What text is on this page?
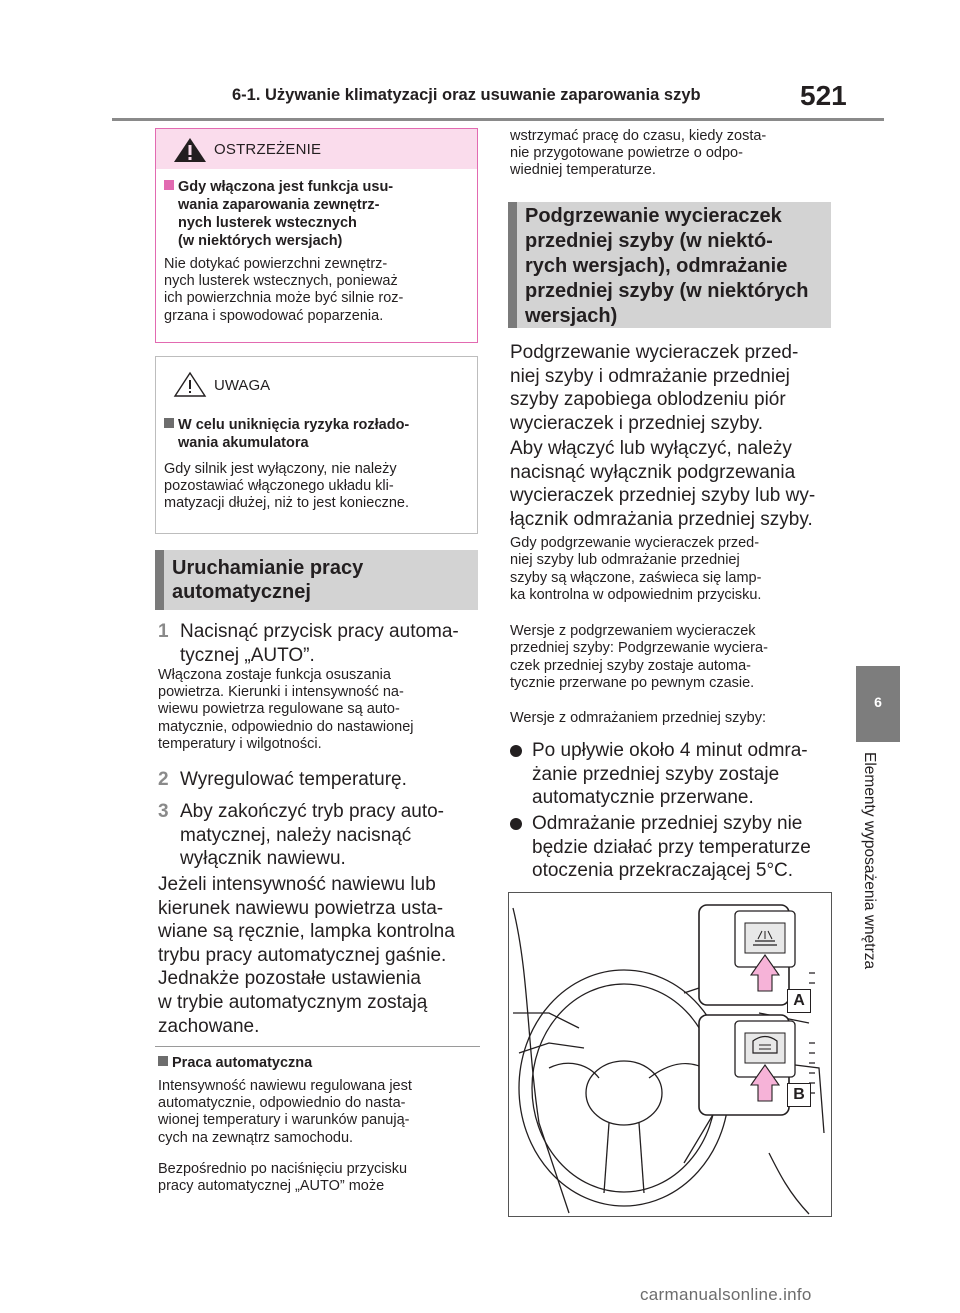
6-1. Używanie klimatyzacji oraz usuwanie zaparowania szyb	521
6
Elementy wyposażenia wnętrza
OSTRZEŻENIE
Gdy włączona jest funkcja usu-
wania zaparowania zewnętrz-
nych lusterek wstecznych
(w niektórych wersjach)
Nie dotykać powierzchni zewnętrz-
nych lusterek wstecznych, ponieważ
ich powierzchnia może być silnie roz-
grzana i spowodować poparzenia.
UWAGA
W celu uniknięcia ryzyka rozłado-
wania akumulatora
Gdy silnik jest wyłączony, nie należy
pozostawiać włączonego układu kli-
matyzacji dłużej, niż to jest konieczne.
Uruchamianie pracy
automatycznej
1 Nacisnąć przycisk pracy automa-
tycznej „AUTO”.
Włączona zostaje funkcja osuszania
powietrza. Kierunki i intensywność na-
wiewu powietrza regulowane są auto-
matycznie, odpowiednio do nastawionej
temperatury i wilgotności.
2 Wyregulować temperaturę.
3 Aby zakończyć tryb pracy auto-
matycznej, należy nacisnąć
wyłącznik nawiewu.
Jeżeli intensywność nawiewu lub
kierunek nawiewu powietrza usta-
wiane są ręcznie, lampka kontrolna
trybu pracy automatycznej gaśnie.
Jednakże pozostałe ustawienia
w trybie automatycznym zostają
zachowane.
Praca automatyczna
Intensywność nawiewu regulowana jest
automatycznie, odpowiednio do nasta-
wionej temperatury i warunków panują-
cych na zewnątrz samochodu.
Bezpośrednio po naciśnięciu przycisku
pracy automatycznej „AUTO” może
wstrzymać pracę do czasu, kiedy zosta-
nie przygotowane powietrze o odpo-
wiedniej temperaturze.
Podgrzewanie wycieraczek
przedniej szyby (w niektó-
rych wersjach), odmrażanie
przedniej szyby (w niektórych
wersjach)
Podgrzewanie wycieraczek przed-
niej szyby i odmrażanie przedniej
szyby zapobiega oblodzeniu piór
wycieraczek i przedniej szyby.
Aby włączyć lub wyłączyć, należy
nacisnąć wyłącznik podgrzewania
wycieraczek przedniej szyby lub wy-
łącznik odmrażania przedniej szyby.
Gdy podgrzewanie wycieraczek przed-
niej szyby lub odmrażanie przedniej
szyby są włączone, zaświeca się lamp-
ka kontrolna w odpowiednim przycisku.
Wersje z podgrzewaniem wycieraczek
przedniej szyby: Podgrzewanie wyciera-
czek przedniej szyby zostaje automa-
tycznie przerwane po pewnym czasie.
Wersje z odmrażaniem przedniej szyby:
Po upływie około 4 minut odmra-
żanie przedniej szyby zostaje
automatycznie przerwane.
Odmrażanie przedniej szyby nie
będzie działać przy temperaturze
otoczenia przekraczającej 5°C.
A
B
carmanualsonline.info
